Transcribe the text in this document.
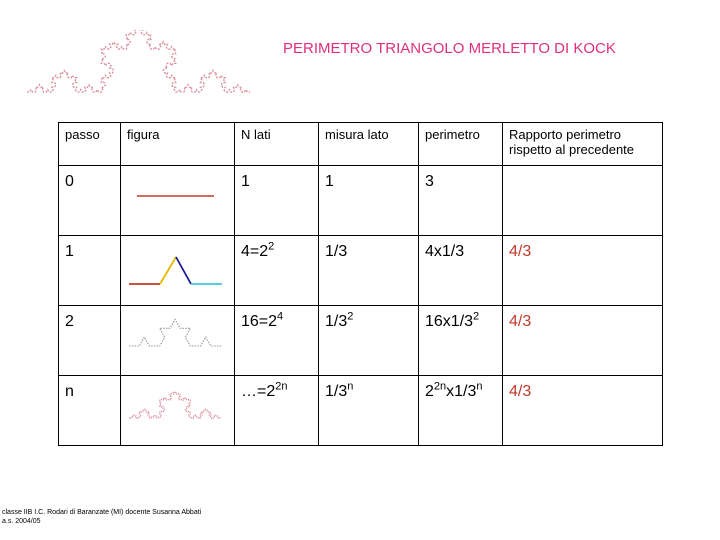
PERIMETRO TRIANGOLO MERLETTO DI KOCK
passo	figura	N lati	misura lato	perimetro	Rapporto perimetro rispetto al precedente
0		1	1	3	
1		$4=2^2$	1/3	4x1/3	4/3
2		$16=2^4$	$1/3^2$	$16x1/3^2$	4/3
n		$\dots=2^{2n}$	1/3$^n$	$2^{2n}x1/3^n$	4/3
classe IIB I.C. Rodari di Baranzate (MI) docente Susanna Abbati
a.s. 2004/05
